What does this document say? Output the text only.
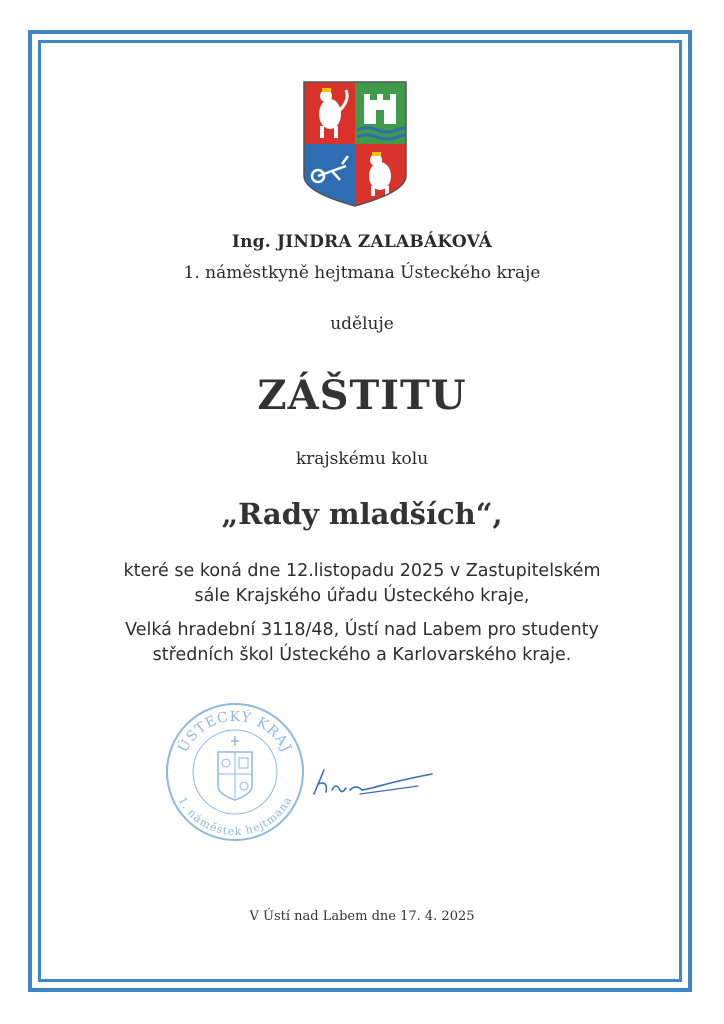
Ing. JINDRA ZALABÁKOVÁ
1. náměstkyně hejtmana Ústeckého kraje
uděluje
ZÁŠTITU
krajskému kolu
„Rady mladších“,
které se koná dne 12.listopadu 2025 v Zastupitelském
sále Krajského úřadu Ústeckého kraje,
Velká hradební 3118/48, Ústí nad Labem pro studenty
středních škol Ústeckého a Karlovarského kraje.
ÚSTECKÝ KRAJ
1. náměstek hejtmana
V Ústí nad Labem dne 17. 4. 2025
